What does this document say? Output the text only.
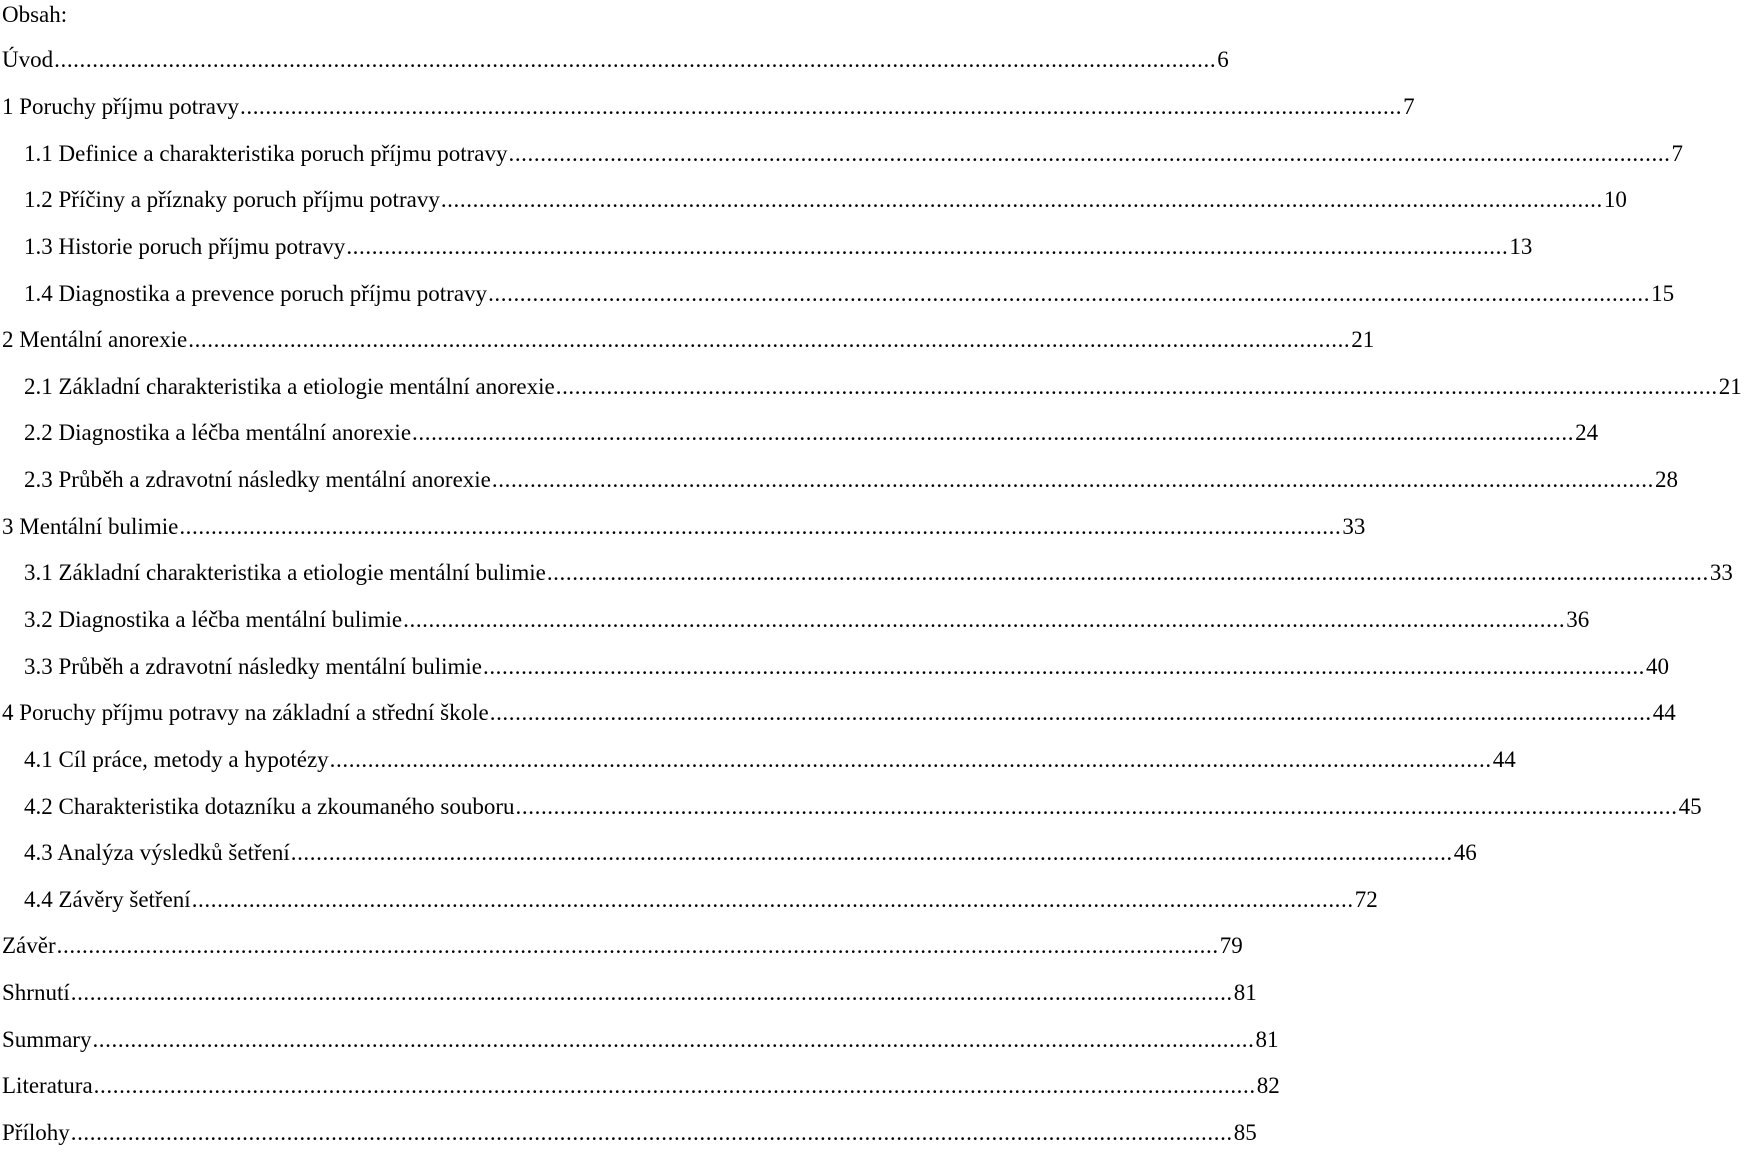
Obsah:
Úvod ....................................................................................................................................................................................... 6
1 Poruchy příjmu potravy ....................................................................................................................................................................................... 7
1.1 Definice a charakteristika poruch příjmu potravy ....................................................................................................................................................................................... 7
1.2 Příčiny a příznaky poruch příjmu potravy ....................................................................................................................................................................................... 10
1.3 Historie poruch příjmu potravy ....................................................................................................................................................................................... 13
1.4 Diagnostika a prevence poruch příjmu potravy ....................................................................................................................................................................................... 15
2 Mentální anorexie ....................................................................................................................................................................................... 21
2.1 Základní charakteristika a etiologie mentální anorexie ....................................................................................................................................................................................... 21
2.2 Diagnostika a léčba mentální anorexie ....................................................................................................................................................................................... 24
2.3 Průběh a zdravotní následky mentální anorexie ....................................................................................................................................................................................... 28
3 Mentální bulimie ....................................................................................................................................................................................... 33
3.1 Základní charakteristika a etiologie mentální bulimie ....................................................................................................................................................................................... 33
3.2 Diagnostika a léčba mentální bulimie ....................................................................................................................................................................................... 36
3.3 Průběh a zdravotní následky mentální bulimie ....................................................................................................................................................................................... 40
4 Poruchy příjmu potravy na základní a střední škole ....................................................................................................................................................................................... 44
4.1 Cíl práce, metody a hypotézy ....................................................................................................................................................................................... 44
4.2 Charakteristika dotazníku a zkoumaného souboru ....................................................................................................................................................................................... 45
4.3 Analýza výsledků šetření ....................................................................................................................................................................................... 46
4.4 Závěry šetření ....................................................................................................................................................................................... 72
Závěr ....................................................................................................................................................................................... 79
Shrnutí ....................................................................................................................................................................................... 81
Summary ....................................................................................................................................................................................... 81
Literatura ....................................................................................................................................................................................... 82
Přílohy ....................................................................................................................................................................................... 85
